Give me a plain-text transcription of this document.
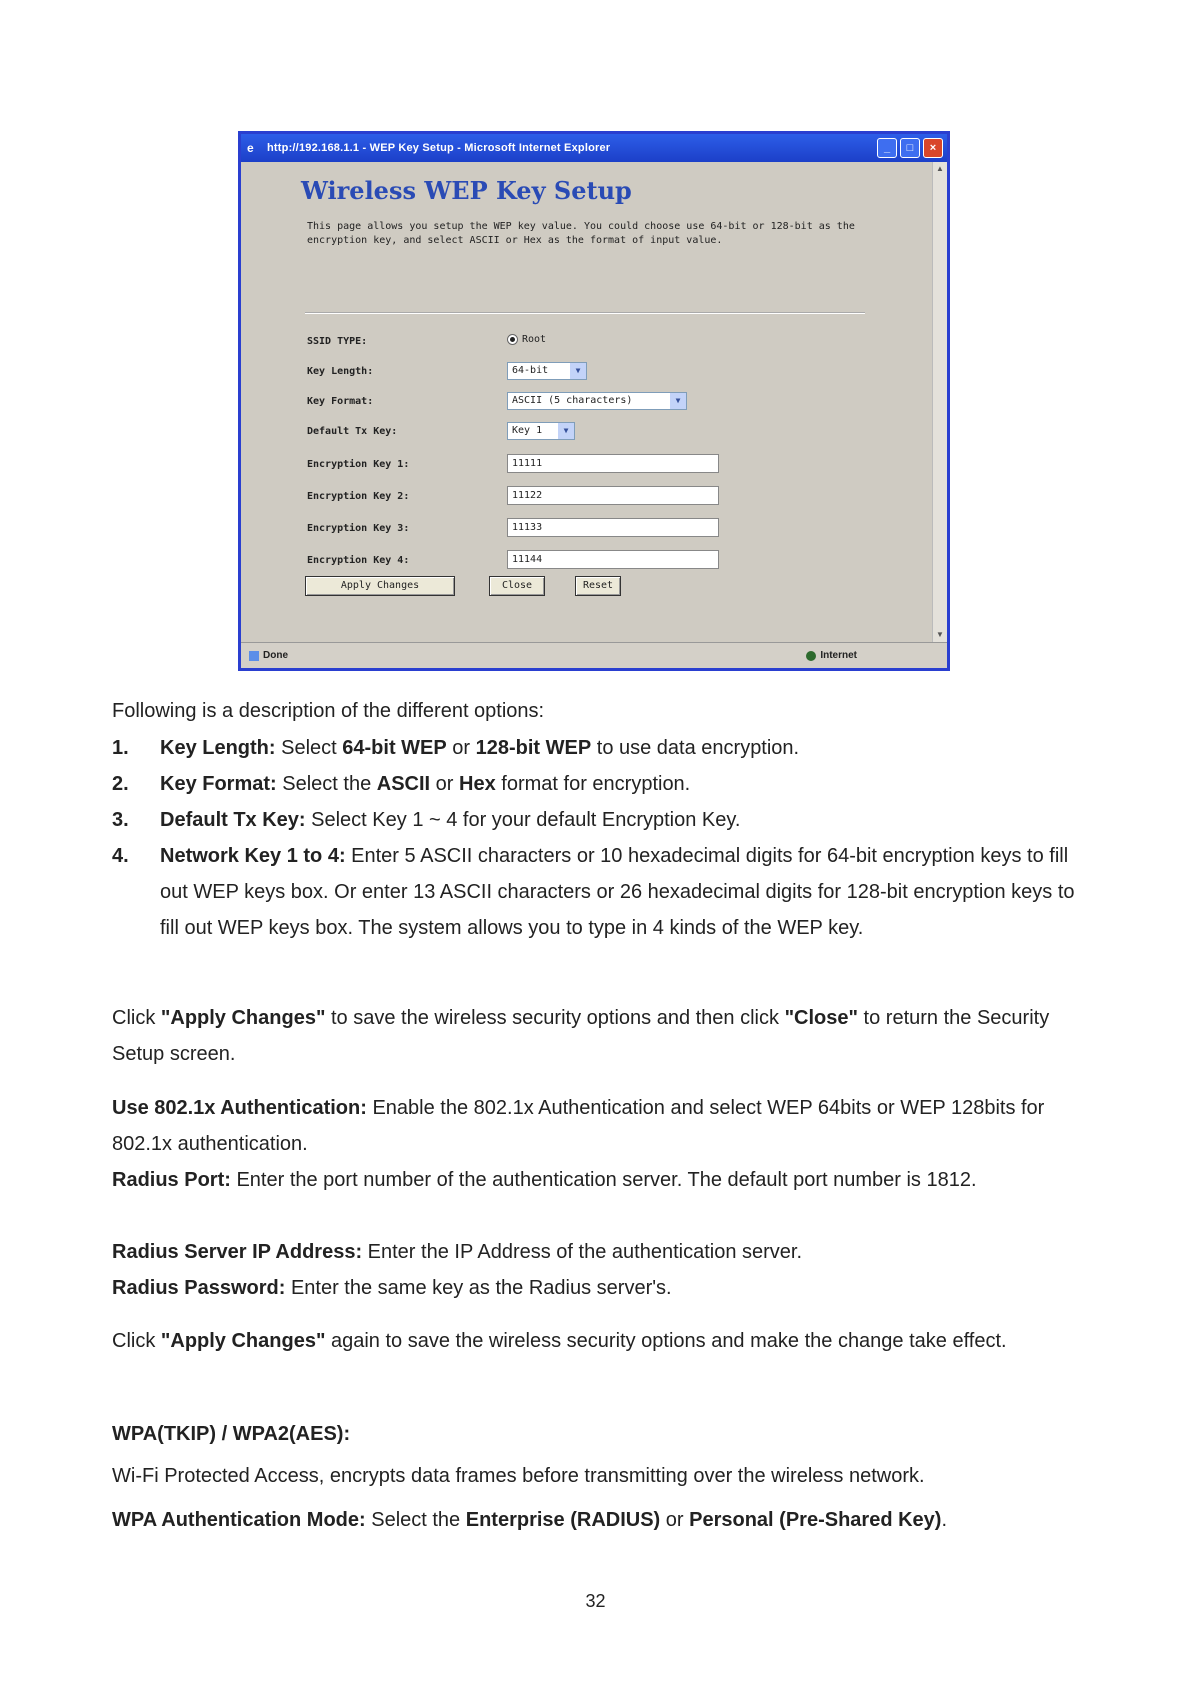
e	http://192.168.1.1 - WEP Key Setup - Microsoft Internet Explorer	_	□	×
Wireless WEP Key Setup
This page allows you setup the WEP key value. You could choose use 64-bit or 128-bit as the encryption key, and select ASCII or Hex as the format of input value.
SSID TYPE:	Root
Key Length:	64-bit	▼
Key Format:	ASCII (5 characters)	▼
Default Tx Key:	Key 1	▼
Encryption Key 1:	11111
Encryption Key 2:	11122
Encryption Key 3:	11133
Encryption Key 4:	11144
Apply Changes	Close	Reset
▲
▼
Done	Internet
Following is a description of the different options:
1. Key Length: Select 64-bit WEP or 128-bit WEP to use data encryption.
2. Key Format: Select the ASCII or Hex format for encryption.
3. Default Tx Key: Select Key 1 ~ 4 for your default Encryption Key.
4. Network Key 1 to 4: Enter 5 ASCII characters or 10 hexadecimal digits for 64-bit encryption keys to fill out WEP keys box. Or enter 13 ASCII characters or 26 hexadecimal digits for 128-bit encryption keys to fill out WEP keys box. The system allows you to type in 4 kinds of the WEP key.
Click "Apply Changes" to save the wireless security options and then click "Close" to return the Security Setup screen.
Use 802.1x Authentication: Enable the 802.1x Authentication and select WEP 64bits or WEP 128bits for 802.1x authentication.
Radius Port: Enter the port number of the authentication server. The default port number is 1812.
Radius Server IP Address: Enter the IP Address of the authentication server.
Radius Password: Enter the same key as the Radius server's.
Click "Apply Changes" again to save the wireless security options and make the change take effect.
WPA(TKIP) / WPA2(AES):
Wi-Fi Protected Access, encrypts data frames before transmitting over the wireless network.
WPA Authentication Mode: Select the Enterprise (RADIUS) or Personal (Pre-Shared Key).
32
